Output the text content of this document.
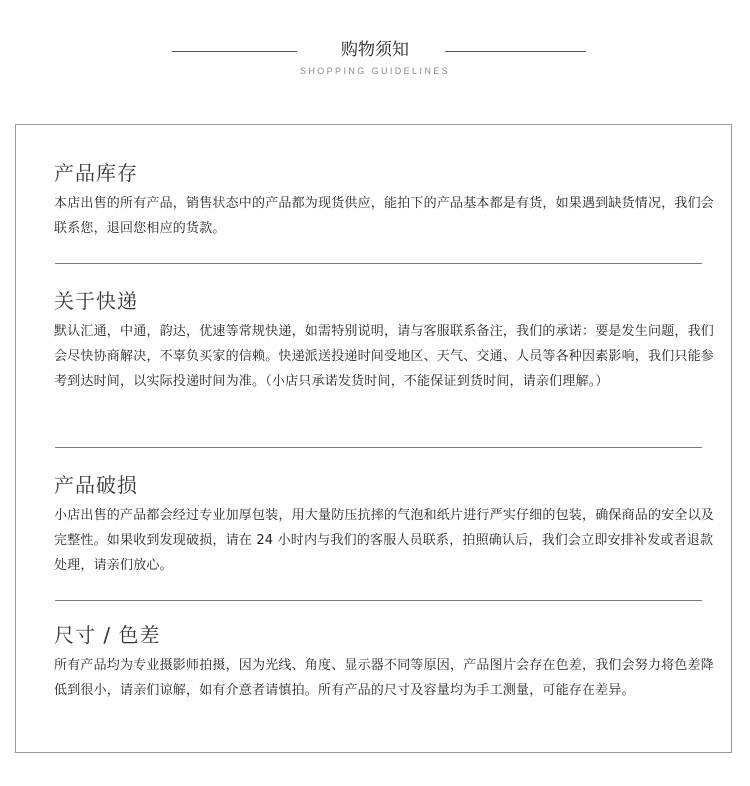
购物须知
SHOPPING GUIDELINES
产品库存
本店出售的所有产品，销售状态中的产品都为现货供应，能拍下的产品基本都是有货，如果遇到缺货情况，我们会联系您，退回您相应的货款。
关于快递
默认汇通，中通，韵达，优速等常规快递，如需特别说明，请与客服联系备注，我们的承诺：要是发生问题，我们会尽快协商解决，不辜负买家的信赖。快递派送投递时间受地区、天气、交通、人员等各种因素影响，我们只能参考到达时间，以实际投递时间为准。（小店只承诺发货时间，不能保证到货时间，请亲们理解。）
产品破损
小店出售的产品都会经过专业加厚包装，用大量防压抗摔的气泡和纸片进行严实仔细的包装，确保商品的安全以及完整性。如果收到发现破损，请在 24 小时内与我们的客服人员联系，拍照确认后，我们会立即安排补发或者退款处理，请亲们放心。
尺寸 / 色差
所有产品均为专业摄影师拍摄，因为光线、角度、显示器不同等原因，产品图片会存在色差，我们会努力将色差降低到很小，请亲们谅解，如有介意者请慎拍。所有产品的尺寸及容量均为手工测量，可能存在差异。
